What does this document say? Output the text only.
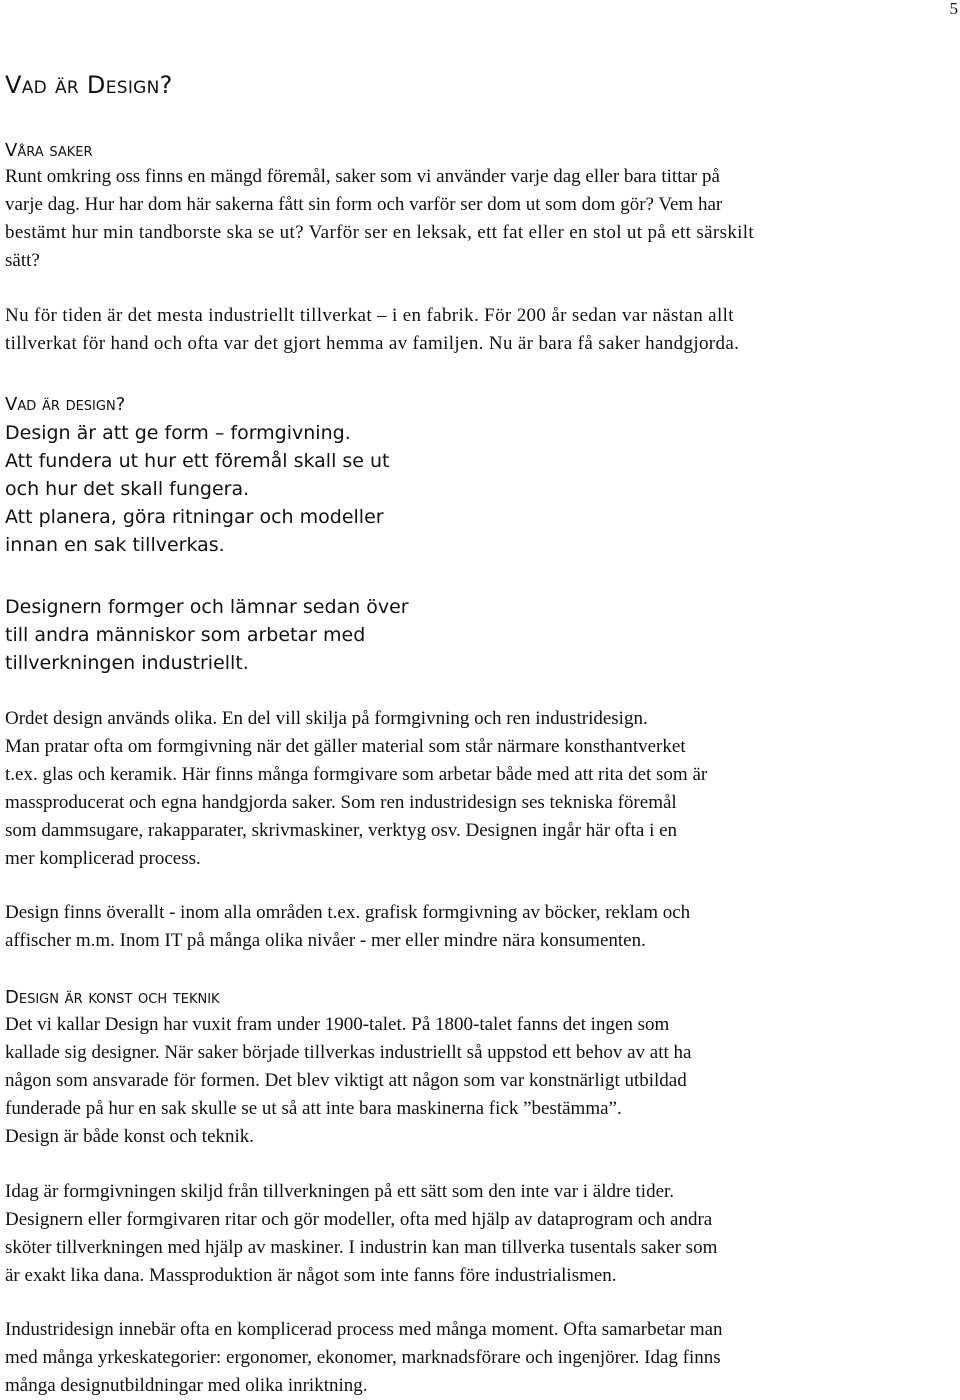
5
Vad är Design?
Våra saker

Runt omkring oss finns en mängd föremål, saker som vi använder varje dag eller bara tittar på
varje dag. Hur har dom här sakerna fått sin form och varför ser dom ut som dom gör? Vem har
bestämt hur min tandborste ska se ut? Varför ser en leksak, ett fat eller en stol ut på ett särskilt
sätt?

Nu för tiden är det mesta industriellt tillverkat – i en fabrik. För 200 år sedan var nästan allt
tillverkat för hand och ofta var det gjort hemma av familjen. Nu är bara få saker handgjorda.

Vad är design?

Design är att ge form – formgivning.
Att fundera ut hur ett föremål skall se ut
och hur det skall fungera.
Att planera, göra ritningar och modeller
innan en sak tillverkas.

Designern formger och lämnar sedan över
till andra människor som arbetar med
tillverkningen industriellt.

Ordet design används olika. En del vill skilja på formgivning och ren industridesign.
Man pratar ofta om formgivning när det gäller material som står närmare konsthantverket
t.ex. glas och keramik. Här finns många formgivare som arbetar både med att rita det som är
massproducerat och egna handgjorda saker. Som ren industridesign ses tekniska föremål
som dammsugare, rakapparater, skrivmaskiner, verktyg osv. Designen ingår här ofta i en
mer komplicerad process.

Design finns överallt - inom alla områden t.ex. grafisk formgivning av böcker, reklam och
affischer m.m. Inom IT på många olika nivåer - mer eller mindre nära konsumenten.

Design är konst och teknik

Det vi kallar Design har vuxit fram under 1900-talet. På 1800-talet fanns det ingen som
kallade sig designer. När saker började tillverkas industriellt så uppstod ett behov av att ha
någon som ansvarade för formen. Det blev viktigt att någon som var konstnärligt utbildad
funderade på hur en sak skulle se ut så att inte bara maskinerna fick ”bestämma”.
Design är både konst och teknik.

Idag är formgivningen skiljd från tillverkningen på ett sätt som den inte var i äldre tider.
Designern eller formgivaren ritar och gör modeller, ofta med hjälp av dataprogram och andra
sköter tillverkningen med hjälp av maskiner. I industrin kan man tillverka tusentals saker som
är exakt lika dana. Massproduktion är något som inte fanns före industrialismen.

Industridesign innebär ofta en komplicerad process med många moment. Ofta samarbetar man
med många yrkeskategorier: ergonomer, ekonomer, marknadsförare och ingenjörer. Idag finns
många designutbildningar med olika inriktning.
